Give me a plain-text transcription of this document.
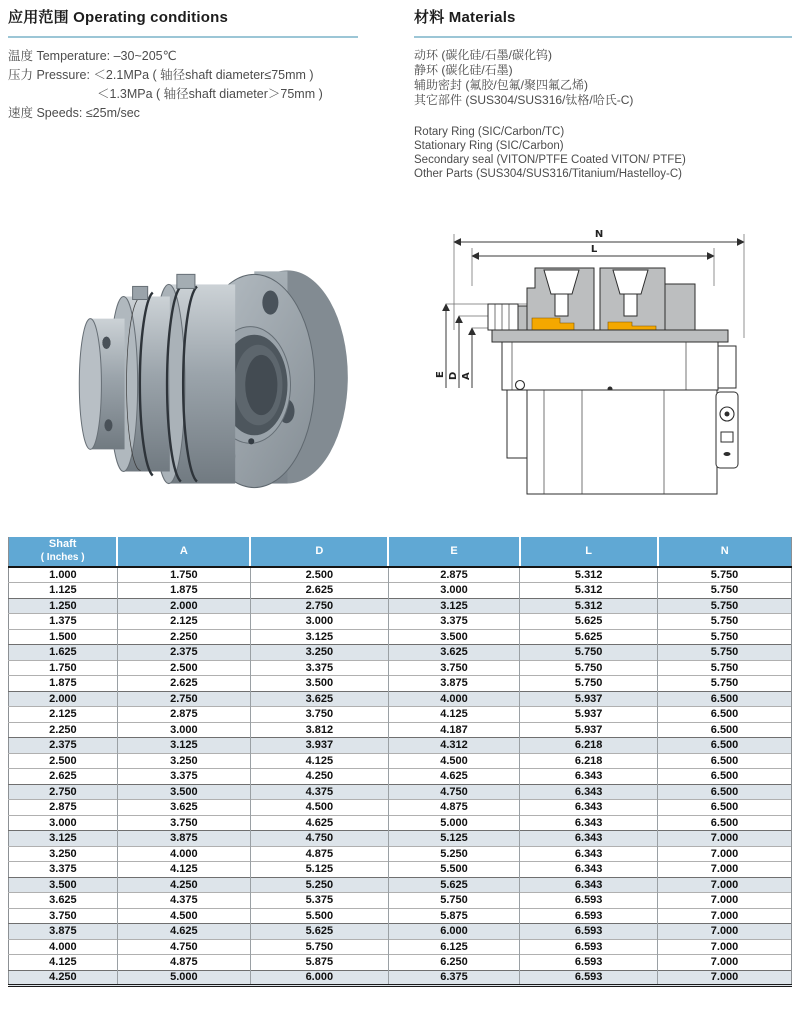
应用范围 Operating conditions
温度 Temperature: –30~205℃
压力 Pressure: ＜2.1MPa ( 轴径shaft diameter≤75mm )
＜1.3MPa ( 轴径shaft diameter＞75mm )
速度 Speeds: ≤25m/sec
材料 Materials
动环 (碳化硅/石墨/碳化钨)
静环 (碳化硅/石墨)
辅助密封 (氟胶/包氟/聚四氟乙烯)
其它部件 (SUS304/SUS316/钛格/哈氏-C)
Rotary Ring (SIC/Carbon/TC)
Stationary Ring (SIC/Carbon)
Secondary seal (VITON/PTFE Coated VITON/ PTFE)
Other Parts (SUS304/SUS316/Titanium/Hastelloy-C)
N
L
E D A
Shaft
( Inches )	A	D	E	L	N
1.000	1.750	2.500	2.875	5.312	5.750
1.125	1.875	2.625	3.000	5.312	5.750
1.250	2.000	2.750	3.125	5.312	5.750
1.375	2.125	3.000	3.375	5.625	5.750
1.500	2.250	3.125	3.500	5.625	5.750
1.625	2.375	3.250	3.625	5.750	5.750
1.750	2.500	3.375	3.750	5.750	5.750
1.875	2.625	3.500	3.875	5.750	5.750
2.000	2.750	3.625	4.000	5.937	6.500
2.125	2.875	3.750	4.125	5.937	6.500
2.250	3.000	3.812	4.187	5.937	6.500
2.375	3.125	3.937	4.312	6.218	6.500
2.500	3.250	4.125	4.500	6.218	6.500
2.625	3.375	4.250	4.625	6.343	6.500
2.750	3.500	4.375	4.750	6.343	6.500
2.875	3.625	4.500	4.875	6.343	6.500
3.000	3.750	4.625	5.000	6.343	6.500
3.125	3.875	4.750	5.125	6.343	7.000
3.250	4.000	4.875	5.250	6.343	7.000
3.375	4.125	5.125	5.500	6.343	7.000
3.500	4.250	5.250	5.625	6.343	7.000
3.625	4.375	5.375	5.750	6.593	7.000
3.750	4.500	5.500	5.875	6.593	7.000
3.875	4.625	5.625	6.000	6.593	7.000
4.000	4.750	5.750	6.125	6.593	7.000
4.125	4.875	5.875	6.250	6.593	7.000
4.250	5.000	6.000	6.375	6.593	7.000
